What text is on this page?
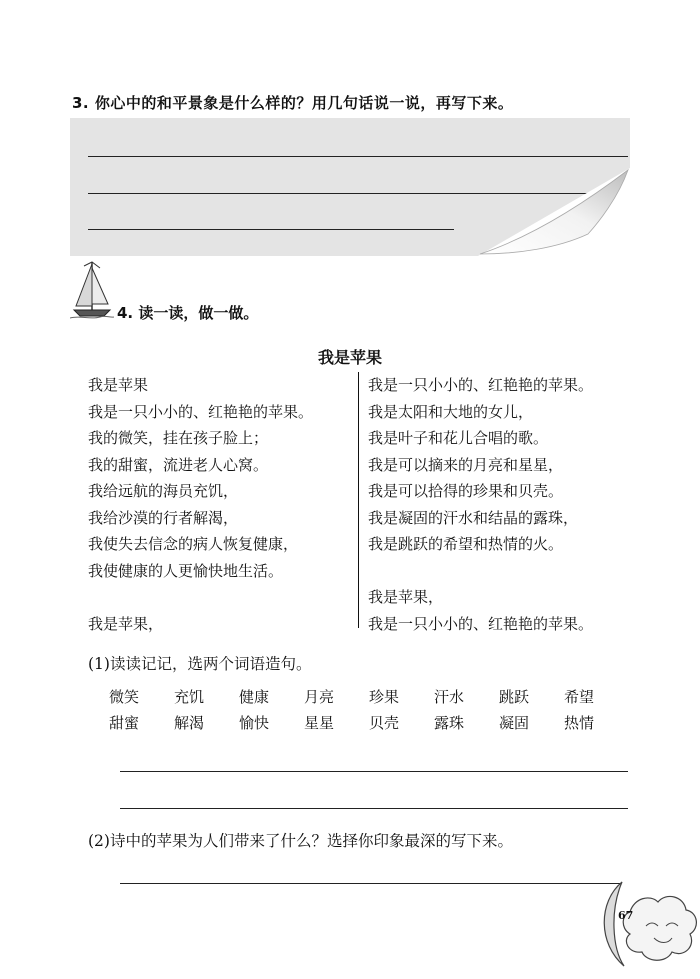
3. 你心中的和平景象是什么样的？用几句话说一说，再写下来。
4. 读一读，做一做。
我是苹果
我是苹果
我是一只小小的、红艳艳的苹果。
我的微笑，挂在孩子脸上；
我的甜蜜，流进老人心窝。
我给远航的海员充饥，
我给沙漠的行者解渴，
我使失去信念的病人恢复健康，
我使健康的人更愉快地生活。
我是苹果，
我是一只小小的、红艳艳的苹果。
我是太阳和大地的女儿，
我是叶子和花儿合唱的歌。
我是可以摘来的月亮和星星，
我是可以拾得的珍果和贝壳。
我是凝固的汗水和结晶的露珠，
我是跳跃的希望和热情的火。
我是苹果，
我是一只小小的、红艳艳的苹果。
(1)读读记记，选两个词语造句。
微笑	充饥	健康	月亮	珍果	汗水	跳跃	希望
甜蜜	解渴	愉快	星星	贝壳	露珠	凝固	热情
(2)诗中的苹果为人们带来了什么？选择你印象最深的写下来。
67
